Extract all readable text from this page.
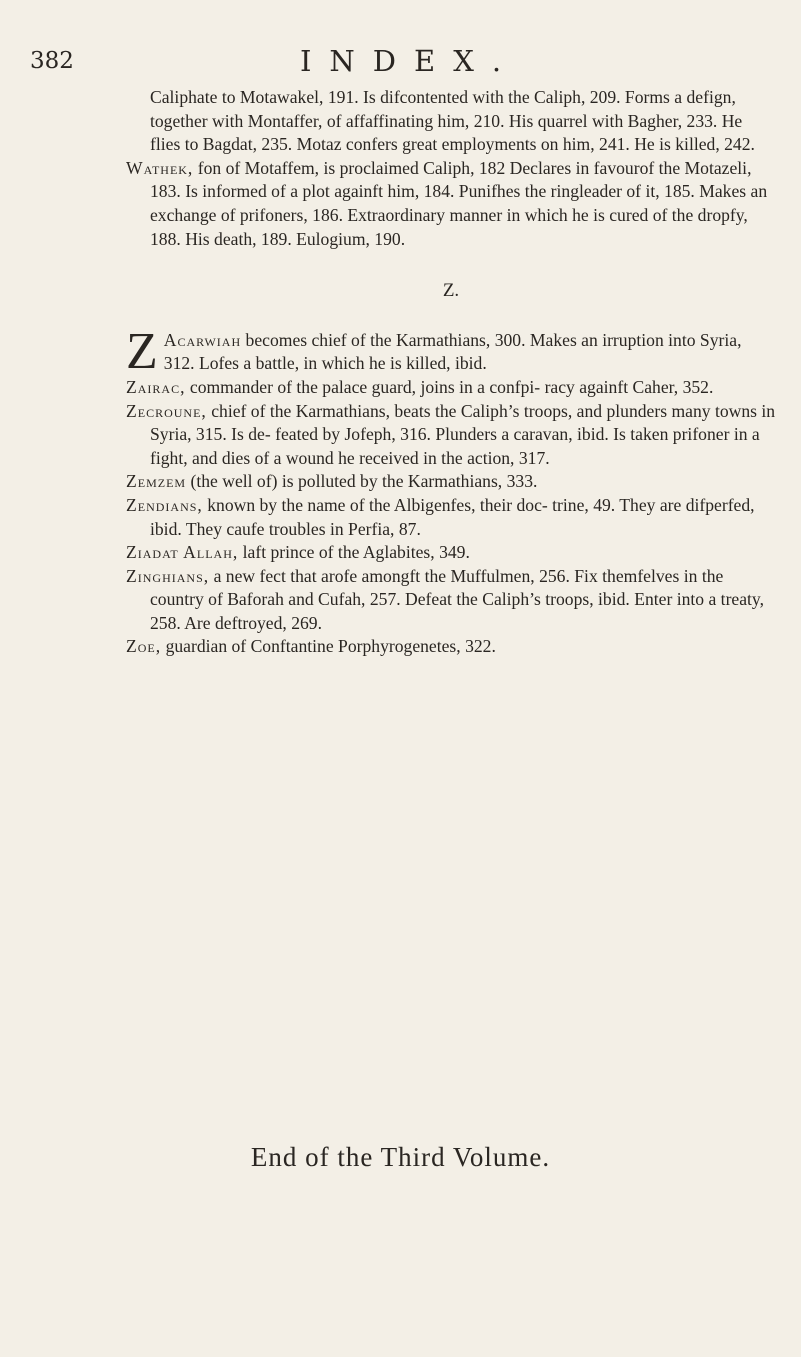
382	INDEX.

Caliphate to Motawakel, 191. Is difcontented with the Caliph, 209. Forms a defign, together with Montaffer, of affaffinating him, 210. His quarrel with Bagher, 233. He flies to Bagdat, 235. Motaz confers great employments on him, 241. He is killed, 242.

Wathek, fon of Motaffem, is proclaimed Caliph, 182 Declares in favourof the Motazeli, 183. Is informed of a plot againft him, 184. Punifhes the ringleader of it, 185. Makes an exchange of prifoners, 186. Extraordinary manner in which he is cured of the dropfy, 188. His death, 189. Eulogium, 190.

Z.

Z Acarwiah becomes chief of the Karmathians, 300. Makes an irruption into Syria, 312. Lofes a battle, in which he is killed, ibid.

Zairac, commander of the palace guard, joins in a confpi- racy againft Caher, 352.

Zecroune, chief of the Karmathians, beats the Caliph’s troops, and plunders many towns in Syria, 315. Is de- feated by Jofeph, 316. Plunders a caravan, ibid. Is taken prifoner in a fight, and dies of a wound he received in the action, 317.

Zemzem (the well of) is polluted by the Karmathians, 333.

Zendians, known by the name of the Albigenfes, their doc- trine, 49. They are difperfed, ibid. They caufe troubles in Perfia, 87.

Ziadat Allah, laft prince of the Aglabites, 349.

Zinghians, a new fect that arofe amongft the Muffulmen, 256. Fix themfelves in the country of Baforah and Cufah, 257. Defeat the Caliph’s troops, ibid. Enter into a treaty, 258. Are deftroyed, 269.

Zoe, guardian of Conftantine Porphyrogenetes, 322.

End of the Third Volume.
